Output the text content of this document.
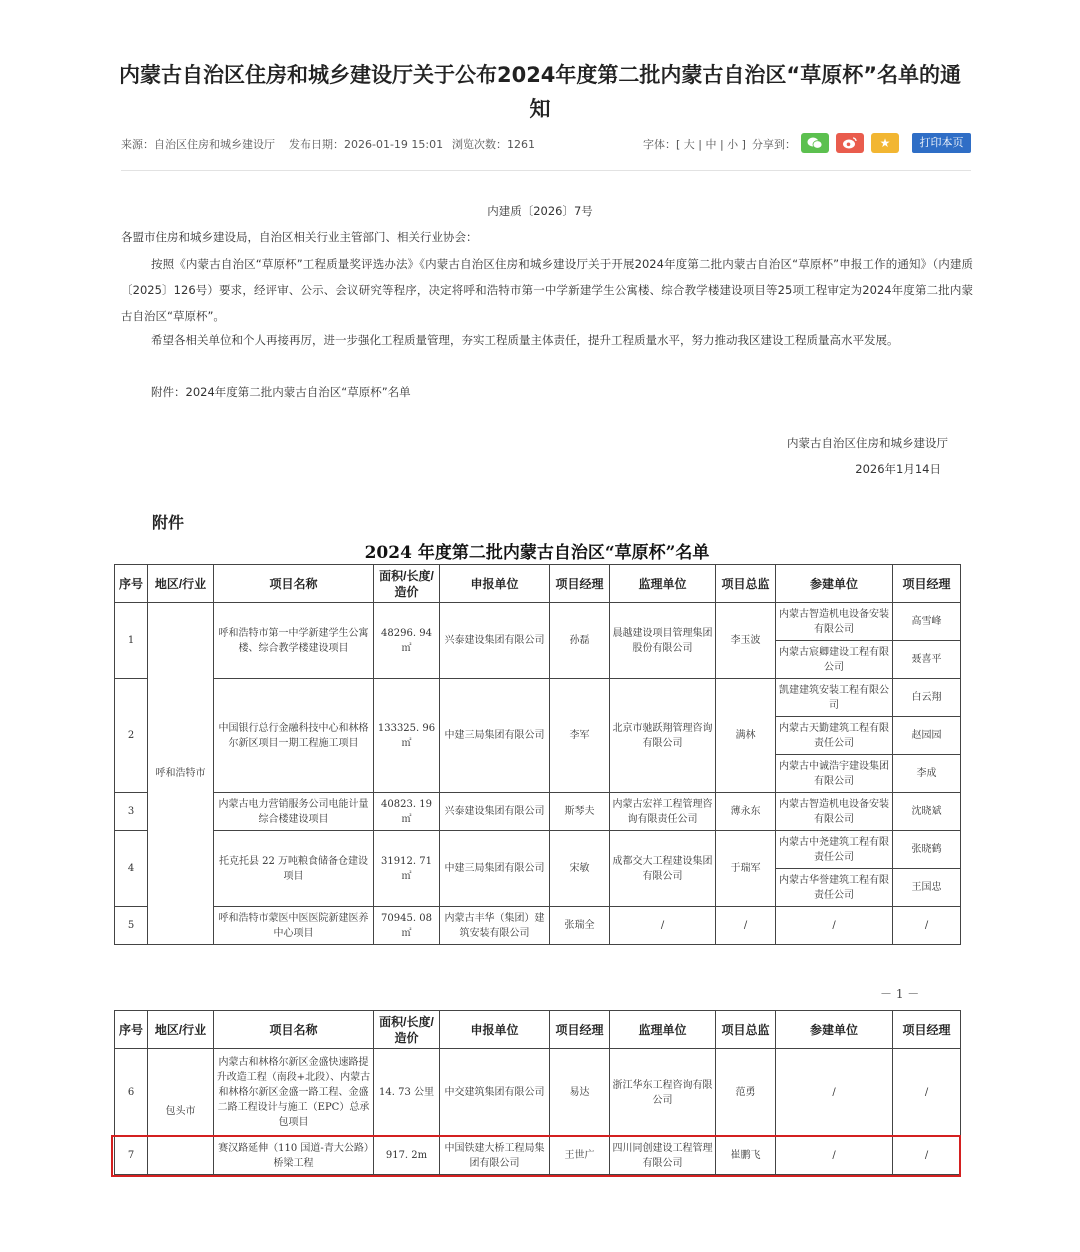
内蒙古自治区住房和城乡建设厅关于公布2024年度第二批内蒙古自治区“草原杯”名单的通知
来源：自治区住房和城乡建设厅 发布日期：2026-01-19 15:01 浏览次数：1261	字体：[ 大 | 中 | 小 ] 分享到：	★	打印本页
内建质〔2026〕7号
各盟市住房和城乡建设局，自治区相关行业主管部门、相关行业协会：
按照《内蒙古自治区“草原杯”工程质量奖评选办法》《内蒙古自治区住房和城乡建设厅关于开展2024年度第二批内蒙古自治区“草原杯”申报工作的通知》（内建质〔2025〕126号）要求，经评审、公示、会议研究等程序，决定将呼和浩特市第一中学新建学生公寓楼、综合教学楼建设项目等25项工程审定为2024年度第二批内蒙古自治区“草原杯”。
希望各相关单位和个人再接再厉，进一步强化工程质量管理，夯实工程质量主体责任，提升工程质量水平，努力推动我区建设工程质量高水平发展。
附件：2024年度第二批内蒙古自治区“草原杯”名单
内蒙古自治区住房和城乡建设厅
2026年1月14日
附件
2024 年度第二批内蒙古自治区“草原杯”名单
序号	地区/行业	项目名称	面积/长度/造价	申报单位	项目经理	监理单位	项目总监	参建单位	项目经理
1	呼和浩特市	呼和浩特市第一中学新建学生公寓楼、综合教学楼建设项目	48296. 94 ㎡	兴泰建设集团有限公司	孙磊	晨越建设项目管理集团股份有限公司	李玉波	内蒙古智造机电设备安装有限公司	高雪峰
								内蒙古宸卿建设工程有限公司	聂喜平
2		中国银行总行金融科技中心和林格尔新区项目一期工程施工项目	133325. 96 ㎡	中建三局集团有限公司	李军	北京市驰跃翔管理咨询有限公司	满林	凯建建筑安装工程有限公司	白云翔
								内蒙古天勤建筑工程有限责任公司	赵园园
								内蒙古中诚浩宇建设集团有限公司	李成
3		内蒙古电力营销服务公司电能计量综合楼建设项目	40823. 19 ㎡	兴泰建设集团有限公司	斯琴夫	内蒙古宏祥工程管理咨询有限责任公司	薄永东	内蒙古智造机电设备安装有限公司	沈晓斌
4		托克托县 22 万吨粮食储备仓建设项目	31912. 71 ㎡	中建三局集团有限公司	宋敏	成都交大工程建设集团有限公司	于瑞军	内蒙古中尧建筑工程有限责任公司	张晓鹤
								内蒙古华誉建筑工程有限责任公司	王国忠
5		呼和浩特市蒙医中医医院新建医养中心项目	70945. 08 ㎡	内蒙古丰华（集团）建筑安装有限公司	张瑞全	/	/	/	/
－ 1 －
序号	地区/行业	项目名称	面积/长度/造价	申报单位	项目经理	监理单位	项目总监	参建单位	项目经理
6	包头市	内蒙古和林格尔新区金盛快速路提升改造工程（南段+北段）、内蒙古和林格尔新区金盛一路工程、金盛二路工程设计与施工（EPC）总承包项目	14. 73 公里	中交建筑集团有限公司	易达	浙江华东工程咨询有限公司	范勇	/	/
7		赛汉路延伸（110 国道-青大公路）桥梁工程	917. 2m	中国铁建大桥工程局集团有限公司	王世广	四川同创建设工程管理有限公司	崔鹏飞	/	/
